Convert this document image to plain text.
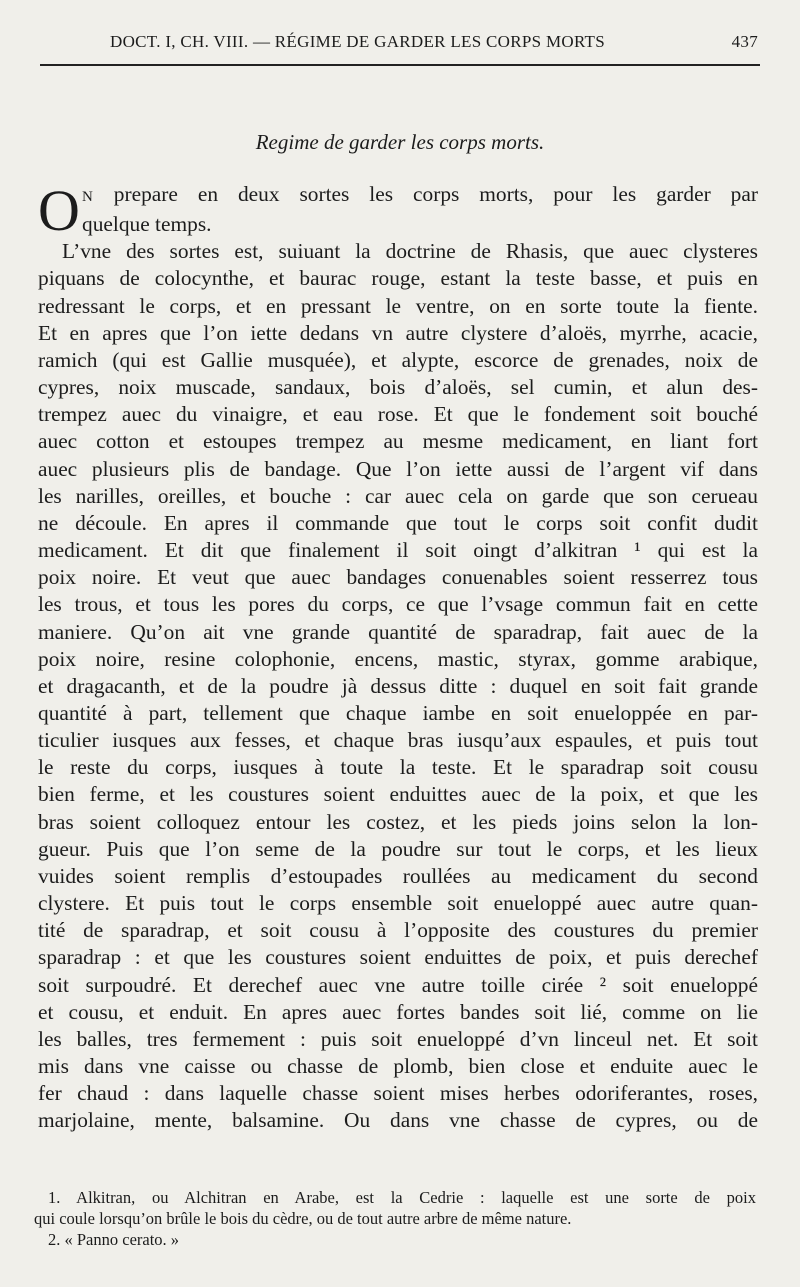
DOCT. I, CH. VIII. — RÉGIME DE GARDER LES CORPS MORTS	437
Regime de garder les corps morts.
O N prepare en deux sortes les corps morts, pour les garder par
quelque temps.
L’vne des sortes est, suiuant la doctrine de Rhasis, que auec clysteres
piquans de colocynthe, et baurac rouge, estant la teste basse, et puis en
redressant le corps, et en pressant le ventre, on en sorte toute la fiente.
Et en apres que l’on iette dedans vn autre clystere d’aloës, myrrhe, acacie,
ramich (qui est Gallie musquée), et alypte, escorce de grenades, noix de
cypres, noix muscade, sandaux, bois d’aloës, sel cumin, et alun des-
trempez auec du vinaigre, et eau rose. Et que le fondement soit bouché
auec cotton et estoupes trempez au mesme medicament, en liant fort
auec plusieurs plis de bandage. Que l’on iette aussi de l’argent vif dans
les narilles, oreilles, et bouche : car auec cela on garde que son cerueau
ne découle. En apres il commande que tout le corps soit confit dudit
medicament. Et dit que finalement il soit oingt d’alkitran ¹ qui est la
poix noire. Et veut que auec bandages conuenables soient resserrez tous
les trous, et tous les pores du corps, ce que l’vsage commun fait en cette
maniere. Qu’on ait vne grande quantité de sparadrap, fait auec de la
poix noire, resine colophonie, encens, mastic, styrax, gomme arabique,
et dragacanth, et de la poudre jà dessus ditte : duquel en soit fait grande
quantité à part, tellement que chaque iambe en soit enueloppée en par-
ticulier iusques aux fesses, et chaque bras iusqu’aux espaules, et puis tout
le reste du corps, iusques à toute la teste. Et le sparadrap soit cousu
bien ferme, et les coustures soient enduittes auec de la poix, et que les
bras soient colloquez entour les costez, et les pieds joins selon la lon-
gueur. Puis que l’on seme de la poudre sur tout le corps, et les lieux
vuides soient remplis d’estoupades roullées au medicament du second
clystere. Et puis tout le corps ensemble soit enueloppé auec autre quan-
tité de sparadrap, et soit cousu à l’opposite des coustures du premier
sparadrap : et que les coustures soient enduittes de poix, et puis derechef
soit surpoudré. Et derechef auec vne autre toille cirée ² soit enueloppé
et cousu, et enduit. En apres auec fortes bandes soit lié, comme on lie
les balles, tres fermement : puis soit enueloppé d’vn linceul net. Et soit
mis dans vne caisse ou chasse de plomb, bien close et enduite auec le
fer chaud : dans laquelle chasse soient mises herbes odoriferantes, roses,
marjolaine, mente, balsamine. Ou dans vne chasse de cypres, ou de
1. Alkitran, ou Alchitran en Arabe, est la Cedrie : laquelle est une sorte de poix
qui coule lorsqu’on brûle le bois du cèdre, ou de tout autre arbre de même nature.
2. « Panno cerato. »
